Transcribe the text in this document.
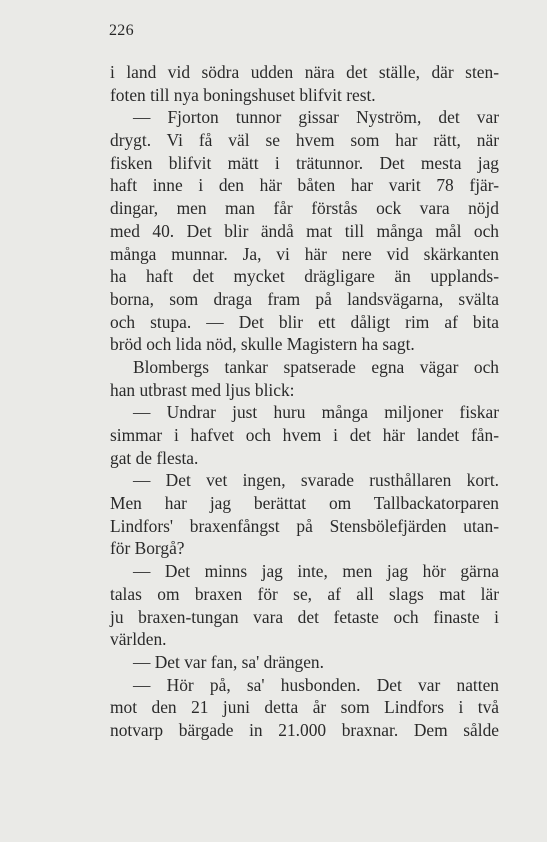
226
i land vid södra udden nära det ställe, där sten-
foten till nya boningshuset blifvit rest.
— Fjorton tunnor gissar Nyström, det var
drygt. Vi få väl se hvem som har rätt, när
fisken blifvit mätt i trätunnor. Det mesta jag
haft inne i den här båten har varit 78 fjär-
dingar, men man får förstås ock vara nöjd
med 40. Det blir ändå mat till många mål och
många munnar. Ja, vi här nere vid skärkanten
ha haft det mycket drägligare än upplands-
borna, som draga fram på landsvägarna, svälta
och stupa. — Det blir ett dåligt rim af bita
bröd och lida nöd, skulle Magistern ha sagt.
Blombergs tankar spatserade egna vägar och
han utbrast med ljus blick:
— Undrar just huru många miljoner fiskar
simmar i hafvet och hvem i det här landet fån-
gat de flesta.
— Det vet ingen, svarade rusthållaren kort.
Men har jag berättat om Tallbackatorparen
Lindfors' braxenfångst på Stensbölefjärden utan-
för Borgå?
— Det minns jag inte, men jag hör gärna
talas om braxen för se, af all slags mat lär
ju braxen-tungan vara det fetaste och finaste i
världen.
— Det var fan, sa' drängen.
— Hör på, sa' husbonden. Det var natten
mot den 21 juni detta år som Lindfors i två
notvarp bärgade in 21.000 braxnar. Dem sålde
